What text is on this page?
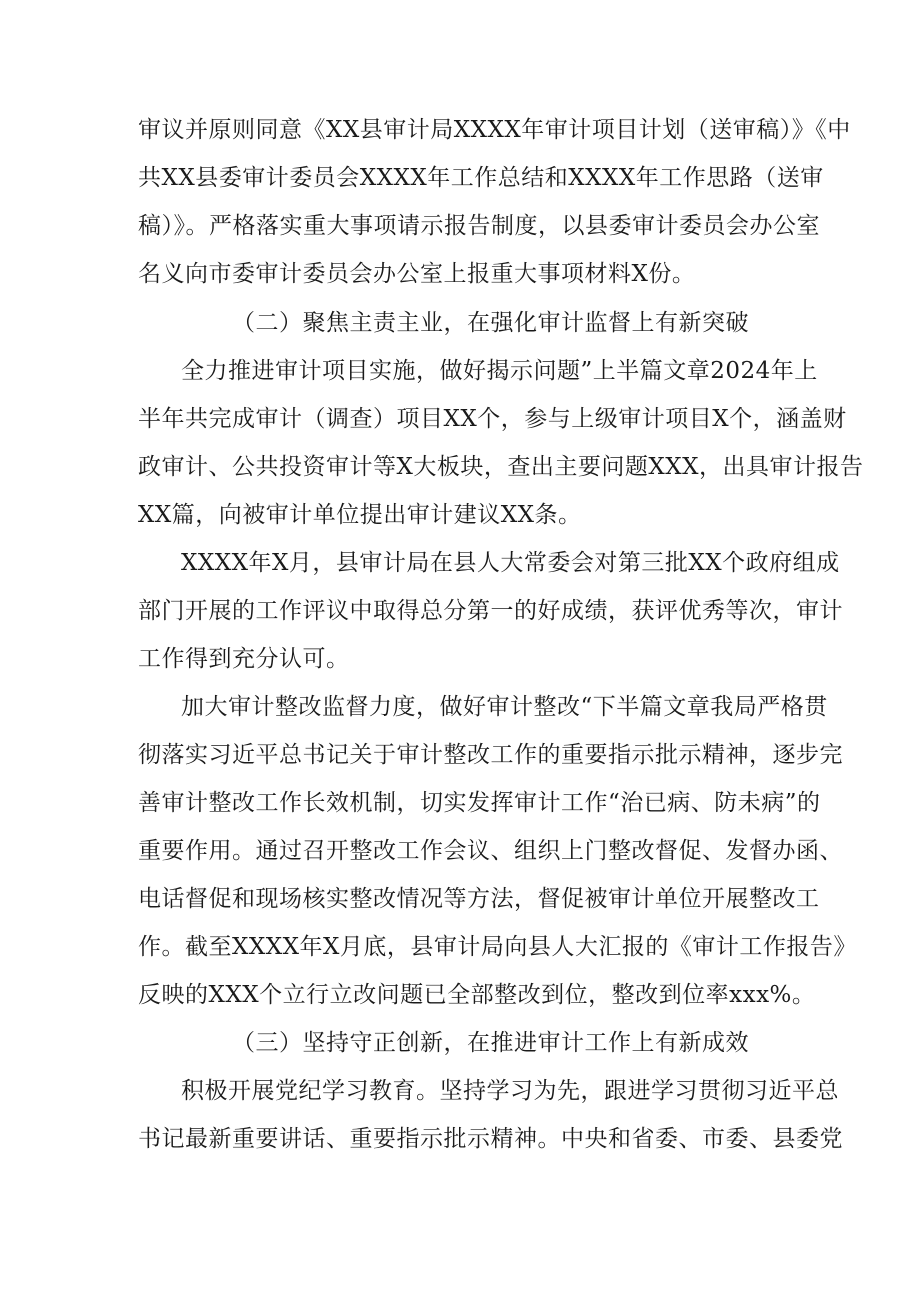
审议并原则同意《XX县审计局XXXX年审计项目计划（送审稿）》《中
共XX县委审计委员会XXXX年工作总结和XXXX年工作思路（送审
稿）》。严格落实重大事项请示报告制度，以县委审计委员会办公室
名义向市委审计委员会办公室上报重大事项材料X份。
（二）聚焦主责主业，在强化审计监督上有新突破
全力推进审计项目实施，做好揭示问题”上半篇文章2024年上
半年共完成审计（调查）项目XX个，参与上级审计项目X个，涵盖财
政审计、公共投资审计等X大板块，查出主要问题XXX，出具审计报告
XX篇，向被审计单位提出审计建议XX条。
XXXX年X月，县审计局在县人大常委会对第三批XX个政府组成
部门开展的工作评议中取得总分第一的好成绩，获评优秀等次，审计
工作得到充分认可。
加大审计整改监督力度，做好审计整改“下半篇文章我局严格贯
彻落实习近平总书记关于审计整改工作的重要指示批示精神，逐步完
善审计整改工作长效机制，切实发挥审计工作“治已病、防未病”的
重要作用。通过召开整改工作会议、组织上门整改督促、发督办函、
电话督促和现场核实整改情况等方法，督促被审计单位开展整改工
作。截至XXXX年X月底，县审计局向县人大汇报的《审计工作报告》
反映的XXX个立行立改问题已全部整改到位，整改到位率xxx%。
（三）坚持守正创新，在推进审计工作上有新成效
积极开展党纪学习教育。坚持学习为先，跟进学习贯彻习近平总
书记最新重要讲话、重要指示批示精神。中央和省委、市委、县委党
